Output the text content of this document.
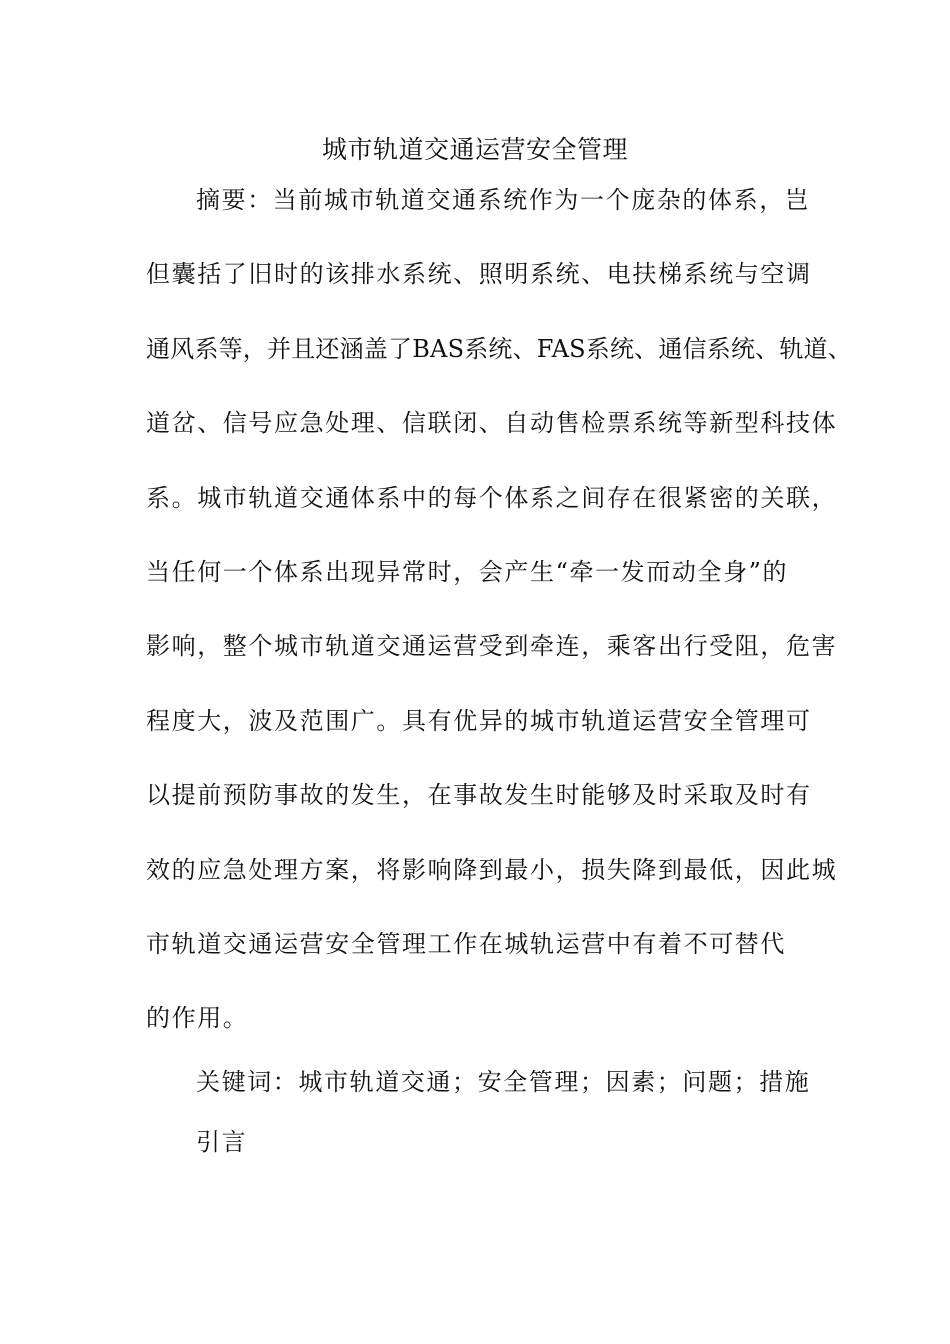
城市轨道交通运营安全管理

摘要：当前城市轨道交通系统作为一个庞杂的体系，岂

但囊括了旧时的该排水系统、照明系统、电扶梯系统与空调

通风系等，并且还涵盖了BAS系统、FAS系统、通信系统、轨道、

道岔、信号应急处理、信联闭、自动售检票系统等新型科技体

系。城市轨道交通体系中的每个体系之间存在很紧密的关联，

当任何一个体系出现异常时，会产生“牵一发而动全身”的

影响，整个城市轨道交通运营受到牵连，乘客出行受阻，危害

程度大，波及范围广。具有优异的城市轨道运营安全管理可

以提前预防事故的发生，在事故发生时能够及时采取及时有

效的应急处理方案，将影响降到最小，损失降到最低，因此城

市轨道交通运营安全管理工作在城轨运营中有着不可替代

的作用。

关键词：城市轨道交通；安全管理；因素；问题；措施

引言
